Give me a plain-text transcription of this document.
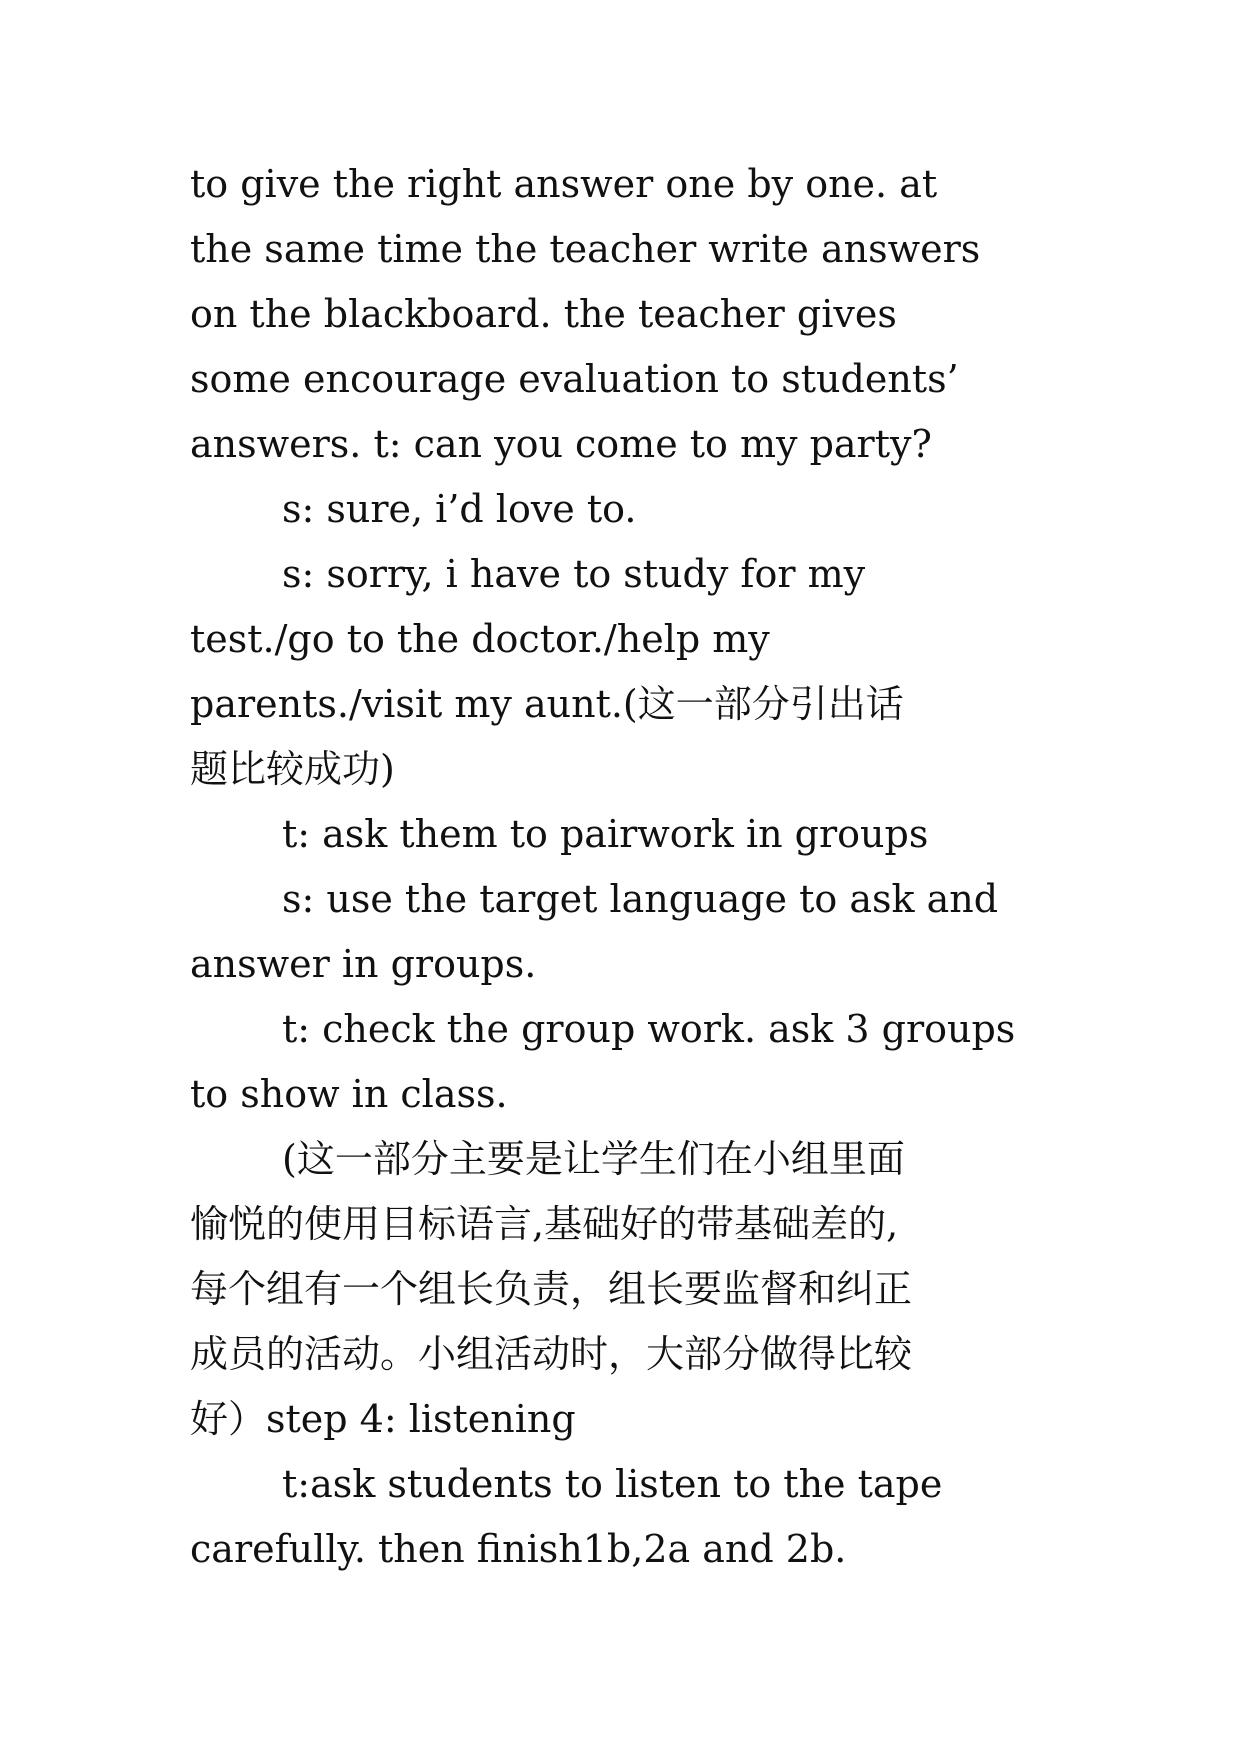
to give the right answer one by one. at
the same time the teacher write answers
on the blackboard. the teacher gives
some encourage evaluation to students’
answers. t: can you come to my party?

s: sure, i’d love to.

s: sorry, i have to study for my
test./go to the doctor./help my
parents./visit my aunt.(这一部分引出话
题比较成功)

t: ask them to pairwork in groups

s: use the target language to ask and
answer in groups.

t: check the group work. ask 3 groups
to show in class.

(这一部分主要是让学生们在小组里面
愉悦的使用目标语言,基础好的带基础差的,
每个组有一个组长负责，组长要监督和纠正
成员的活动。小组活动时，大部分做得比较
好）step 4: listening

t:ask students to listen to the tape
carefully. then finish1b,2a and 2b.
